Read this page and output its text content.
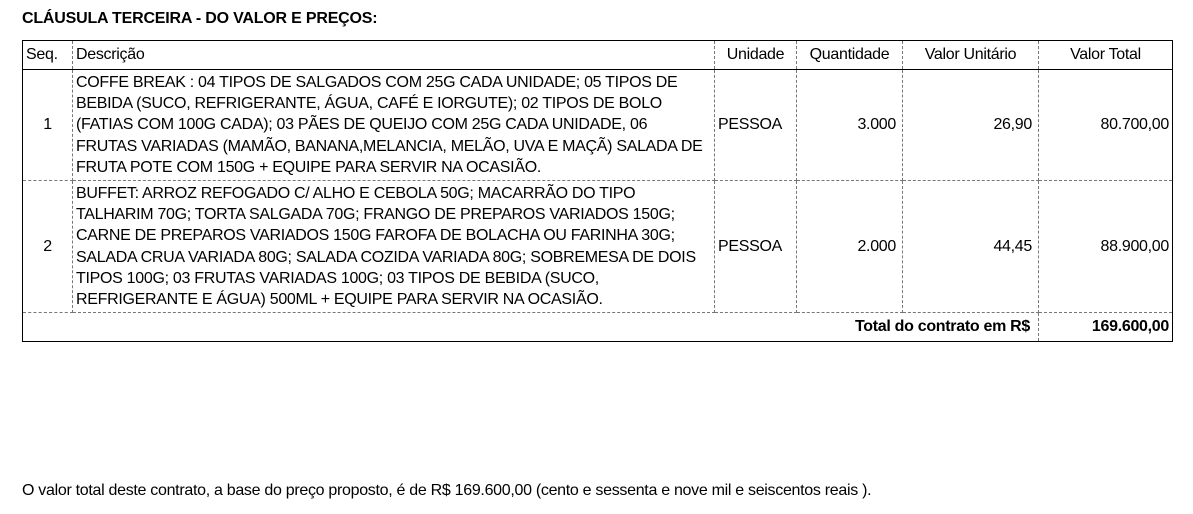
CLÁUSULA TERCEIRA - DO VALOR E PREÇOS:
Seq.	Descrição	Unidade	Quantidade	Valor Unitário	Valor Total
1	COFFE BREAK : 04 TIPOS DE SALGADOS COM 25G CADA UNIDADE; 05 TIPOS DE BEBIDA (SUCO, REFRIGERANTE, ÁGUA, CAFÉ E IORGUTE); 02 TIPOS DE BOLO (FATIAS COM 100G CADA); 03 PÃES DE QUEIJO COM 25G CADA UNIDADE, 06 FRUTAS VARIADAS (MAMÃO, BANANA,MELANCIA, MELÃO, UVA E MAÇÃ) SALADA DE FRUTA POTE COM 150G + EQUIPE PARA SERVIR NA OCASIÃO.	PESSOA	3.000	26,90	80.700,00
2	BUFFET: ARROZ REFOGADO C/ ALHO E CEBOLA 50G; MACARRÃO DO TIPO TALHARIM 70G; TORTA SALGADA 70G; FRANGO DE PREPAROS VARIADOS 150G; CARNE DE PREPAROS VARIADOS 150G FAROFA DE BOLACHA OU FARINHA 30G; SALADA CRUA VARIADA 80G; SALADA COZIDA VARIADA 80G; SOBREMESA DE DOIS TIPOS 100G; 03 FRUTAS VARIADAS 100G; 03 TIPOS DE BEBIDA (SUCO, REFRIGERANTE E ÁGUA) 500ML + EQUIPE PARA SERVIR NA OCASIÃO.	PESSOA	2.000	44,45	88.900,00
Total do contrato em R$					169.600,00
O valor total deste contrato, a base do preço proposto, é de R$ 169.600,00 (cento e sessenta e nove mil e seiscentos reais ).
